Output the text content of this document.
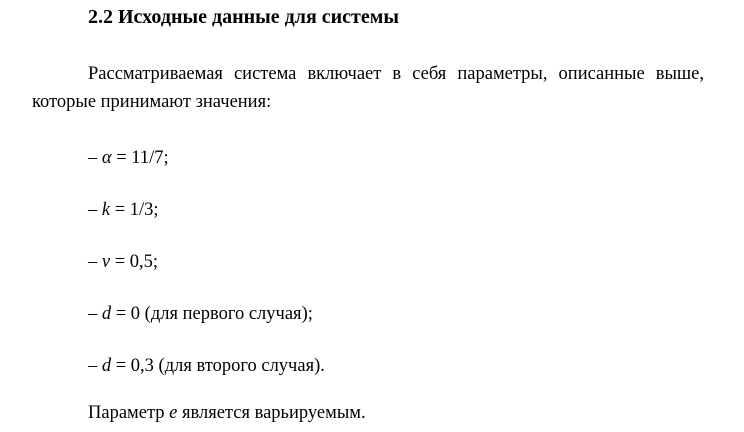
2.2 Исходные данные для системы
Рассматриваемая система включает в себя параметры, описанные выше, которые принимают значения:
– α = 11/7;
– k = 1/3;
– ν = 0,5;
– d = 0 (для первого случая);
– d = 0,3 (для второго случая).
Параметр e является варьируемым.
